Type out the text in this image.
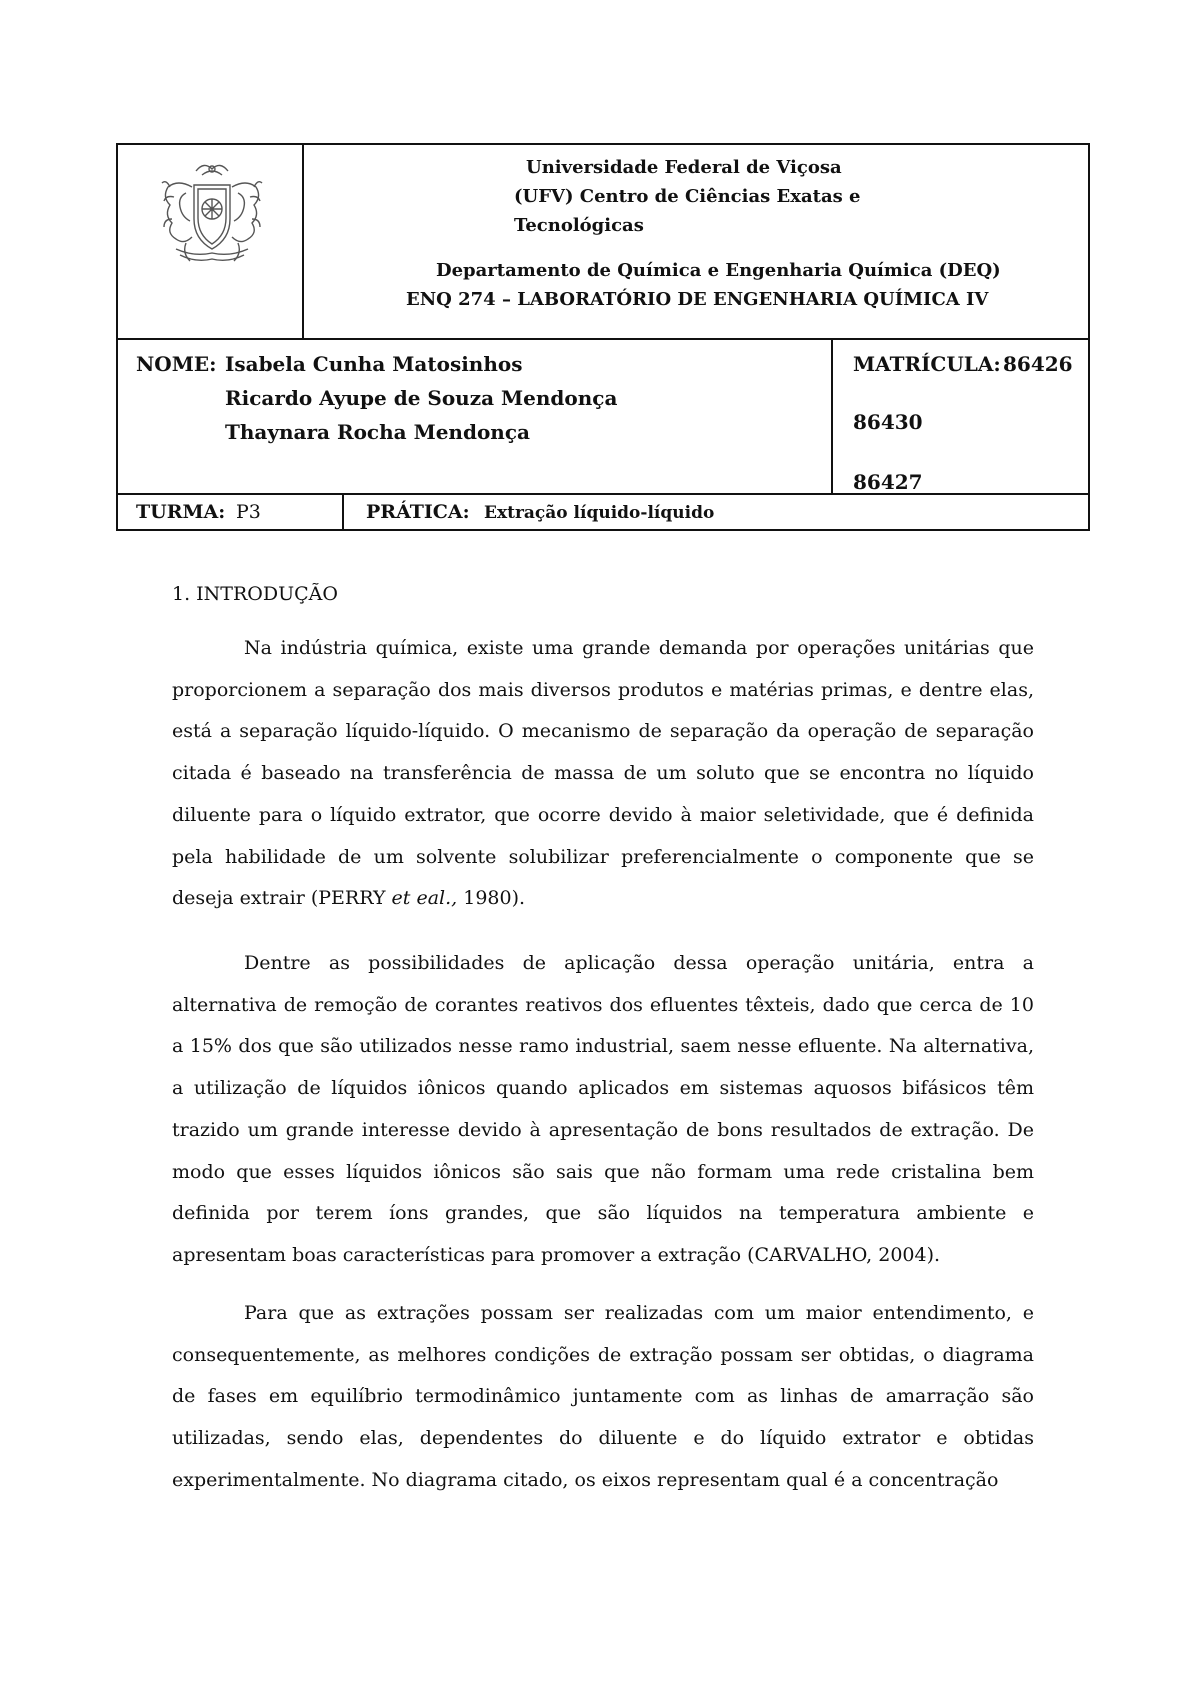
Universidade Federal de Viçosa
(UFV) Centro de Ciências Exatas e
Tecnológicas
Departamento de Química e Engenharia Química (DEQ)
ENQ 274 – LABORATÓRIO DE ENGENHARIA QUÍMICA IV
NOME: Isabela Cunha Matosinhos
Ricardo Ayupe de Souza Mendonça
Thaynara Rocha Mendonça
MATRÍCULA: 86426
86430
86427
TURMA: P3	PRÁTICA: Extração líquido-líquido
1. INTRODUÇÃO

Na indústria química, existe uma grande demanda por operações unitárias que proporcionem a separação dos mais diversos produtos e matérias primas, e dentre elas, está a separação líquido-líquido. O mecanismo de separação da operação de separação citada é baseado na transferência de massa de um soluto que se encontra no líquido diluente para o líquido extrator, que ocorre devido à maior seletividade, que é definida pela habilidade de um solvente solubilizar preferencialmente o componente que se deseja extrair (PERRY et eal., 1980).

Dentre as possibilidades de aplicação dessa operação unitária, entra a alternativa de remoção de corantes reativos dos efluentes têxteis, dado que cerca de 10 a 15% dos que são utilizados nesse ramo industrial, saem nesse efluente. Na alternativa, a utilização de líquidos iônicos quando aplicados em sistemas aquosos bifásicos têm trazido um grande interesse devido à apresentação de bons resultados de extração. De modo que esses líquidos iônicos são sais que não formam uma rede cristalina bem definida por terem íons grandes, que são líquidos na temperatura ambiente e apresentam boas características para promover a extração (CARVALHO, 2004).

Para que as extrações possam ser realizadas com um maior entendimento, e consequentemente, as melhores condições de extração possam ser obtidas, o diagrama de fases em equilíbrio termodinâmico juntamente com as linhas de amarração são utilizadas, sendo elas, dependentes do diluente e do líquido extrator e obtidas experimentalmente. No diagrama citado, os eixos representam qual é a concentração
